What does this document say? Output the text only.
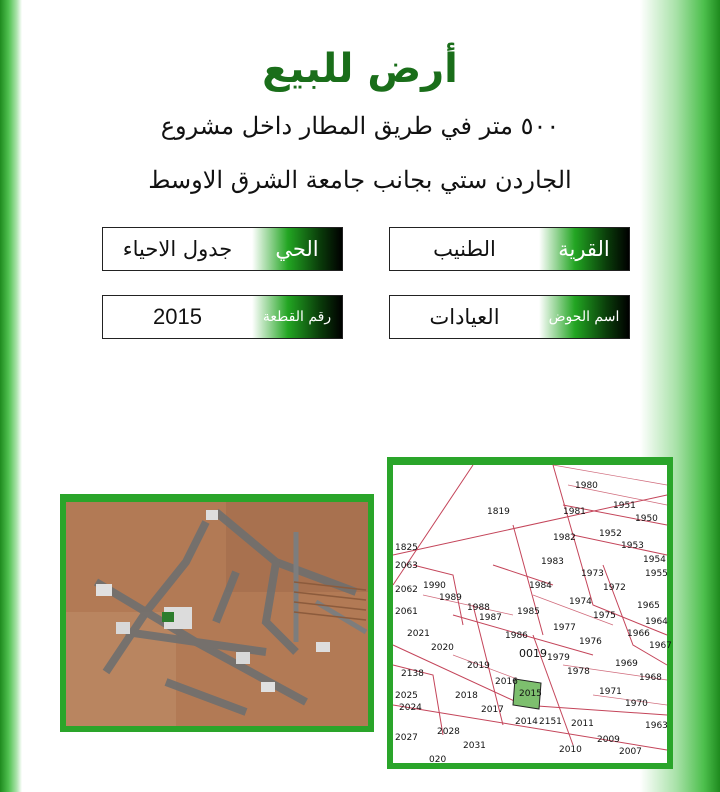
أرض للبيع
٥٠٠ متر في طريق المطار داخل مشروع
الجاردن ستي بجانب جامعة الشرق الاوسط
الطنيب	القرية
جدول الاحياء	الحي
العيادات	اسم الحوض
2015	رقم القطعة
1980
1819	1981
1951
1950
1982	1952
1953
1825
1983	1954
2063
1973	1955
1990	1984	1972
2062
1989	1974	1965
1988	1985	1975
1964
1987
1977
2061
1966
2021	1986
1976	1967
2020	0019 1979
1969
2019
1978
2138
2016	1968
2015	1971
2025	2018
1970
2024	2017
2014 2151 2011	1963
2028
2009
2027
2031	2010	2007
020
